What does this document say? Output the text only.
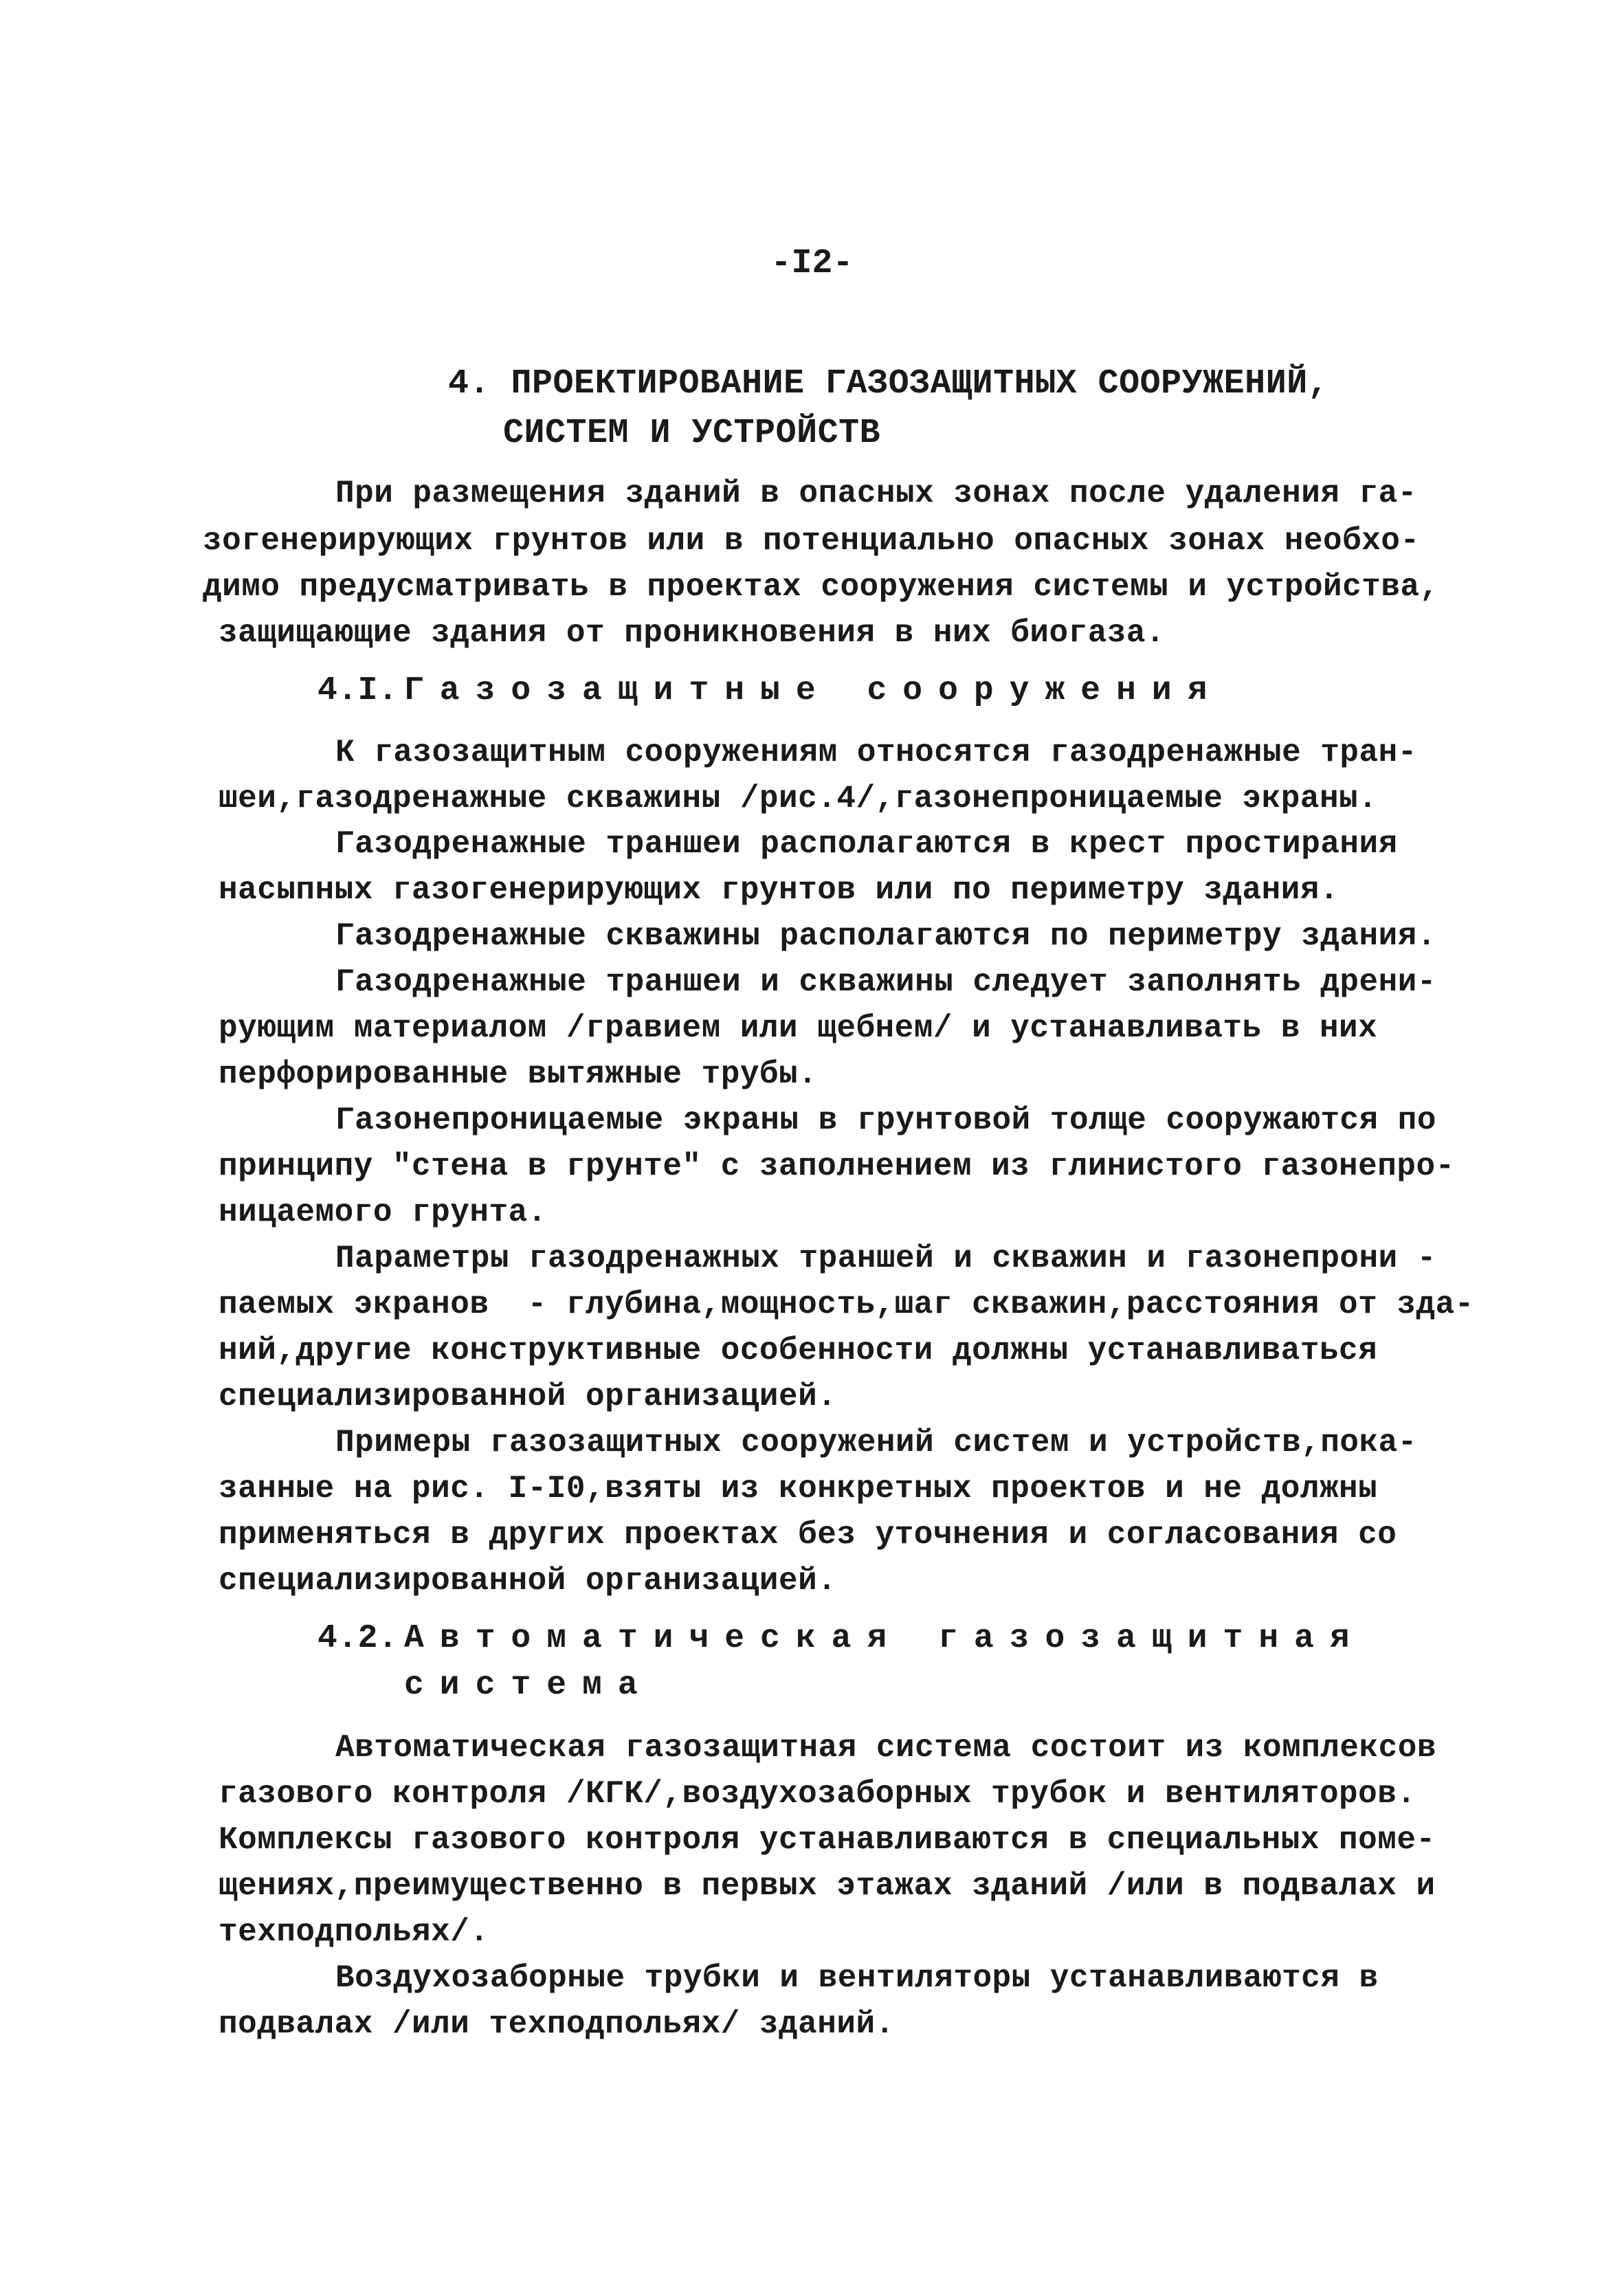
-I2-
4. ПРОЕКТИРОВАНИЕ ГАЗОЗАЩИТНЫХ СООРУЖЕНИЙ,
СИСТЕМ И УСТРОЙСТВ
При размещения зданий в опасных зонах после удаления га-
зогенерирующих грунтов или в потенциально опасных зонах необхо-
димо предусматривать в проектах сооружения системы и устройства,
защищающие здания от проникновения в них биогаза.
4.I. Газозащитные сооружения
К газозащитным сооружениям относятся газодренажные тран-
шеи,газодренажные скважины /рис.4/,газонепроницаемые экраны.
Газодренажные траншеи располагаются в крест простирания
насыпных газогенерирующих грунтов или по периметру здания.
Газодренажные скважины располагаются по периметру здания.
Газодренажные траншеи и скважины следует заполнять дрени-
рующим материалом /гравием или щебнем/ и устанавливать в них
перфорированные вытяжные трубы.
Газонепроницаемые экраны в грунтовой толще сооружаются по
принципу "стена в грунте" с заполнением из глинистого газонепро-
ницаемого грунта.
Параметры газодренажных траншей и скважин и газонепрони -
паемых экранов  - глубина,мощность,шаг скважин,расстояния от зда-
ний,другие конструктивные особенности должны устанавливаться
специализированной организацией.
Примеры газозащитных сооружений систем и устройств,пока-
занные на рис. I-I0,взяты из конкретных проектов и не должны
применяться в других проектах без уточнения и согласования со
специализированной организацией.
4.2. Автоматическая газозащитная
система
Автоматическая газозащитная система состоит из комплексов
газового контроля /КГК/,воздухозаборных трубок и вентиляторов.
Комплексы газового контроля устанавливаются в специальных поме-
щениях,преимущественно в первых этажах зданий /или в подвалах и
техподпольях/.
Воздухозаборные трубки и вентиляторы устанавливаются в
подвалах /или техподпольях/ зданий.
